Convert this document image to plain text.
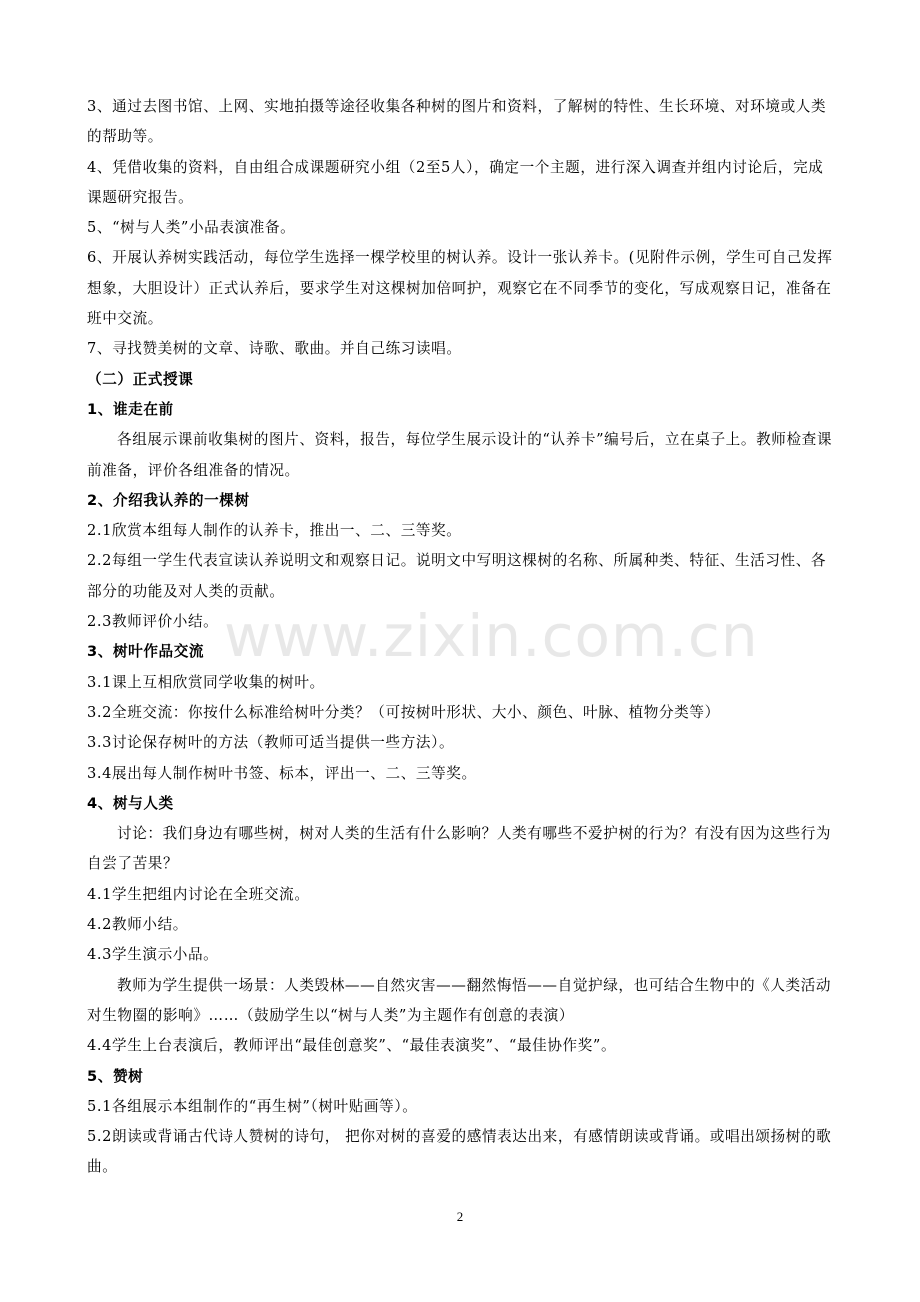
3、通过去图书馆、上网、实地拍摄等途径收集各种树的图片和资料，了解树的特性、生长环境、对环境或人类的帮助等。

4、凭借收集的资料，自由组合成课题研究小组（2至5人），确定一个主题，进行深入调查并组内讨论后，完成课题研究报告。

5、“树与人类”小品表演准备。

6、开展认养树实践活动，每位学生选择一棵学校里的树认养。设计一张认养卡。(见附件示例，学生可自己发挥想象，大胆设计）正式认养后，要求学生对这棵树加倍呵护，观察它在不同季节的变化，写成观察日记，准备在班中交流。

7、寻找赞美树的文章、诗歌、歌曲。并自己练习读唱。

（二）正式授课

1、谁走在前

各组展示课前收集树的图片、资料，报告，每位学生展示设计的“认养卡”编号后，立在桌子上。教师检查课前准备，评价各组准备的情况。

2、介绍我认养的一棵树

2.1欣赏本组每人制作的认养卡，推出一、二、三等奖。

2.2每组一学生代表宣读认养说明文和观察日记。说明文中写明这棵树的名称、所属种类、特征、生活习性、各部分的功能及对人类的贡献。

2.3教师评价小结。

3、树叶作品交流

3.1课上互相欣赏同学收集的树叶。

3.2全班交流：你按什么标准给树叶分类？（可按树叶形状、大小、颜色、叶脉、植物分类等）

3.3讨论保存树叶的方法（教师可适当提供一些方法）。

3.4展出每人制作树叶书签、标本，评出一、二、三等奖。

4、树与人类

讨论：我们身边有哪些树，树对人类的生活有什么影响？人类有哪些不爱护树的行为？有没有因为这些行为自尝了苦果？

4.1学生把组内讨论在全班交流。

4.2教师小结。

4.3学生演示小品。

教师为学生提供一场景：人类毁林——自然灾害——翻然悔悟——自觉护绿，也可结合生物中的《人类活动对生物圈的影响》……（鼓励学生以“树与人类”为主题作有创意的表演）

4.4学生上台表演后，教师评出“最佳创意奖”、“最佳表演奖”、“最佳协作奖”。

5、赞树

5.1各组展示本组制作的“再生树”（树叶贴画等）。

5.2朗读或背诵古代诗人赞树的诗句， 把你对树的喜爱的感情表达出来，有感情朗读或背诵。或唱出颂扬树的歌曲。

www.zixin.com.cn
2
